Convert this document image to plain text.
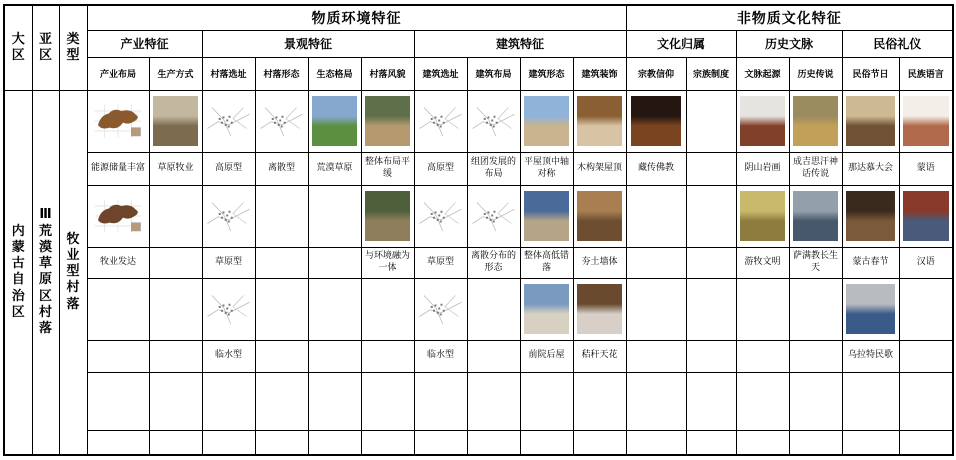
大区	亚区	类型	物质环境特征										非物质文化特征					
			产业特征		景观特征				建筑特征				文化归属		历史文脉		民俗礼仪	
			产业布局	生产方式	村落选址	村落形态	生态格局	村落风貌	建筑选址	建筑布局	建筑形态	建筑装饰	宗教信仰	宗族制度	文脉起源	历史传说	民俗节日	民族语言
内蒙古自治区	Ⅲ荒漠草原区村落	牧业型村落	

			能源储量丰富	草原牧业	高原型	离散型	荒漠草原	整体布局平缓	高原型	组团发展的布局	平屋顶中轴对称	木构架屋顶	藏传佛教		阴山岩画	成吉思汗神话传说	那达慕大会	蒙语

			牧业发达		草原型			与环境融为一体	草原型	离散分布的形态	整体高低错落	夯土墙体			游牧文明	萨满教长生天	蒙古春节	汉语

					临水型				临水型		前院后屋	秸秆天花					乌拉特民歌	
